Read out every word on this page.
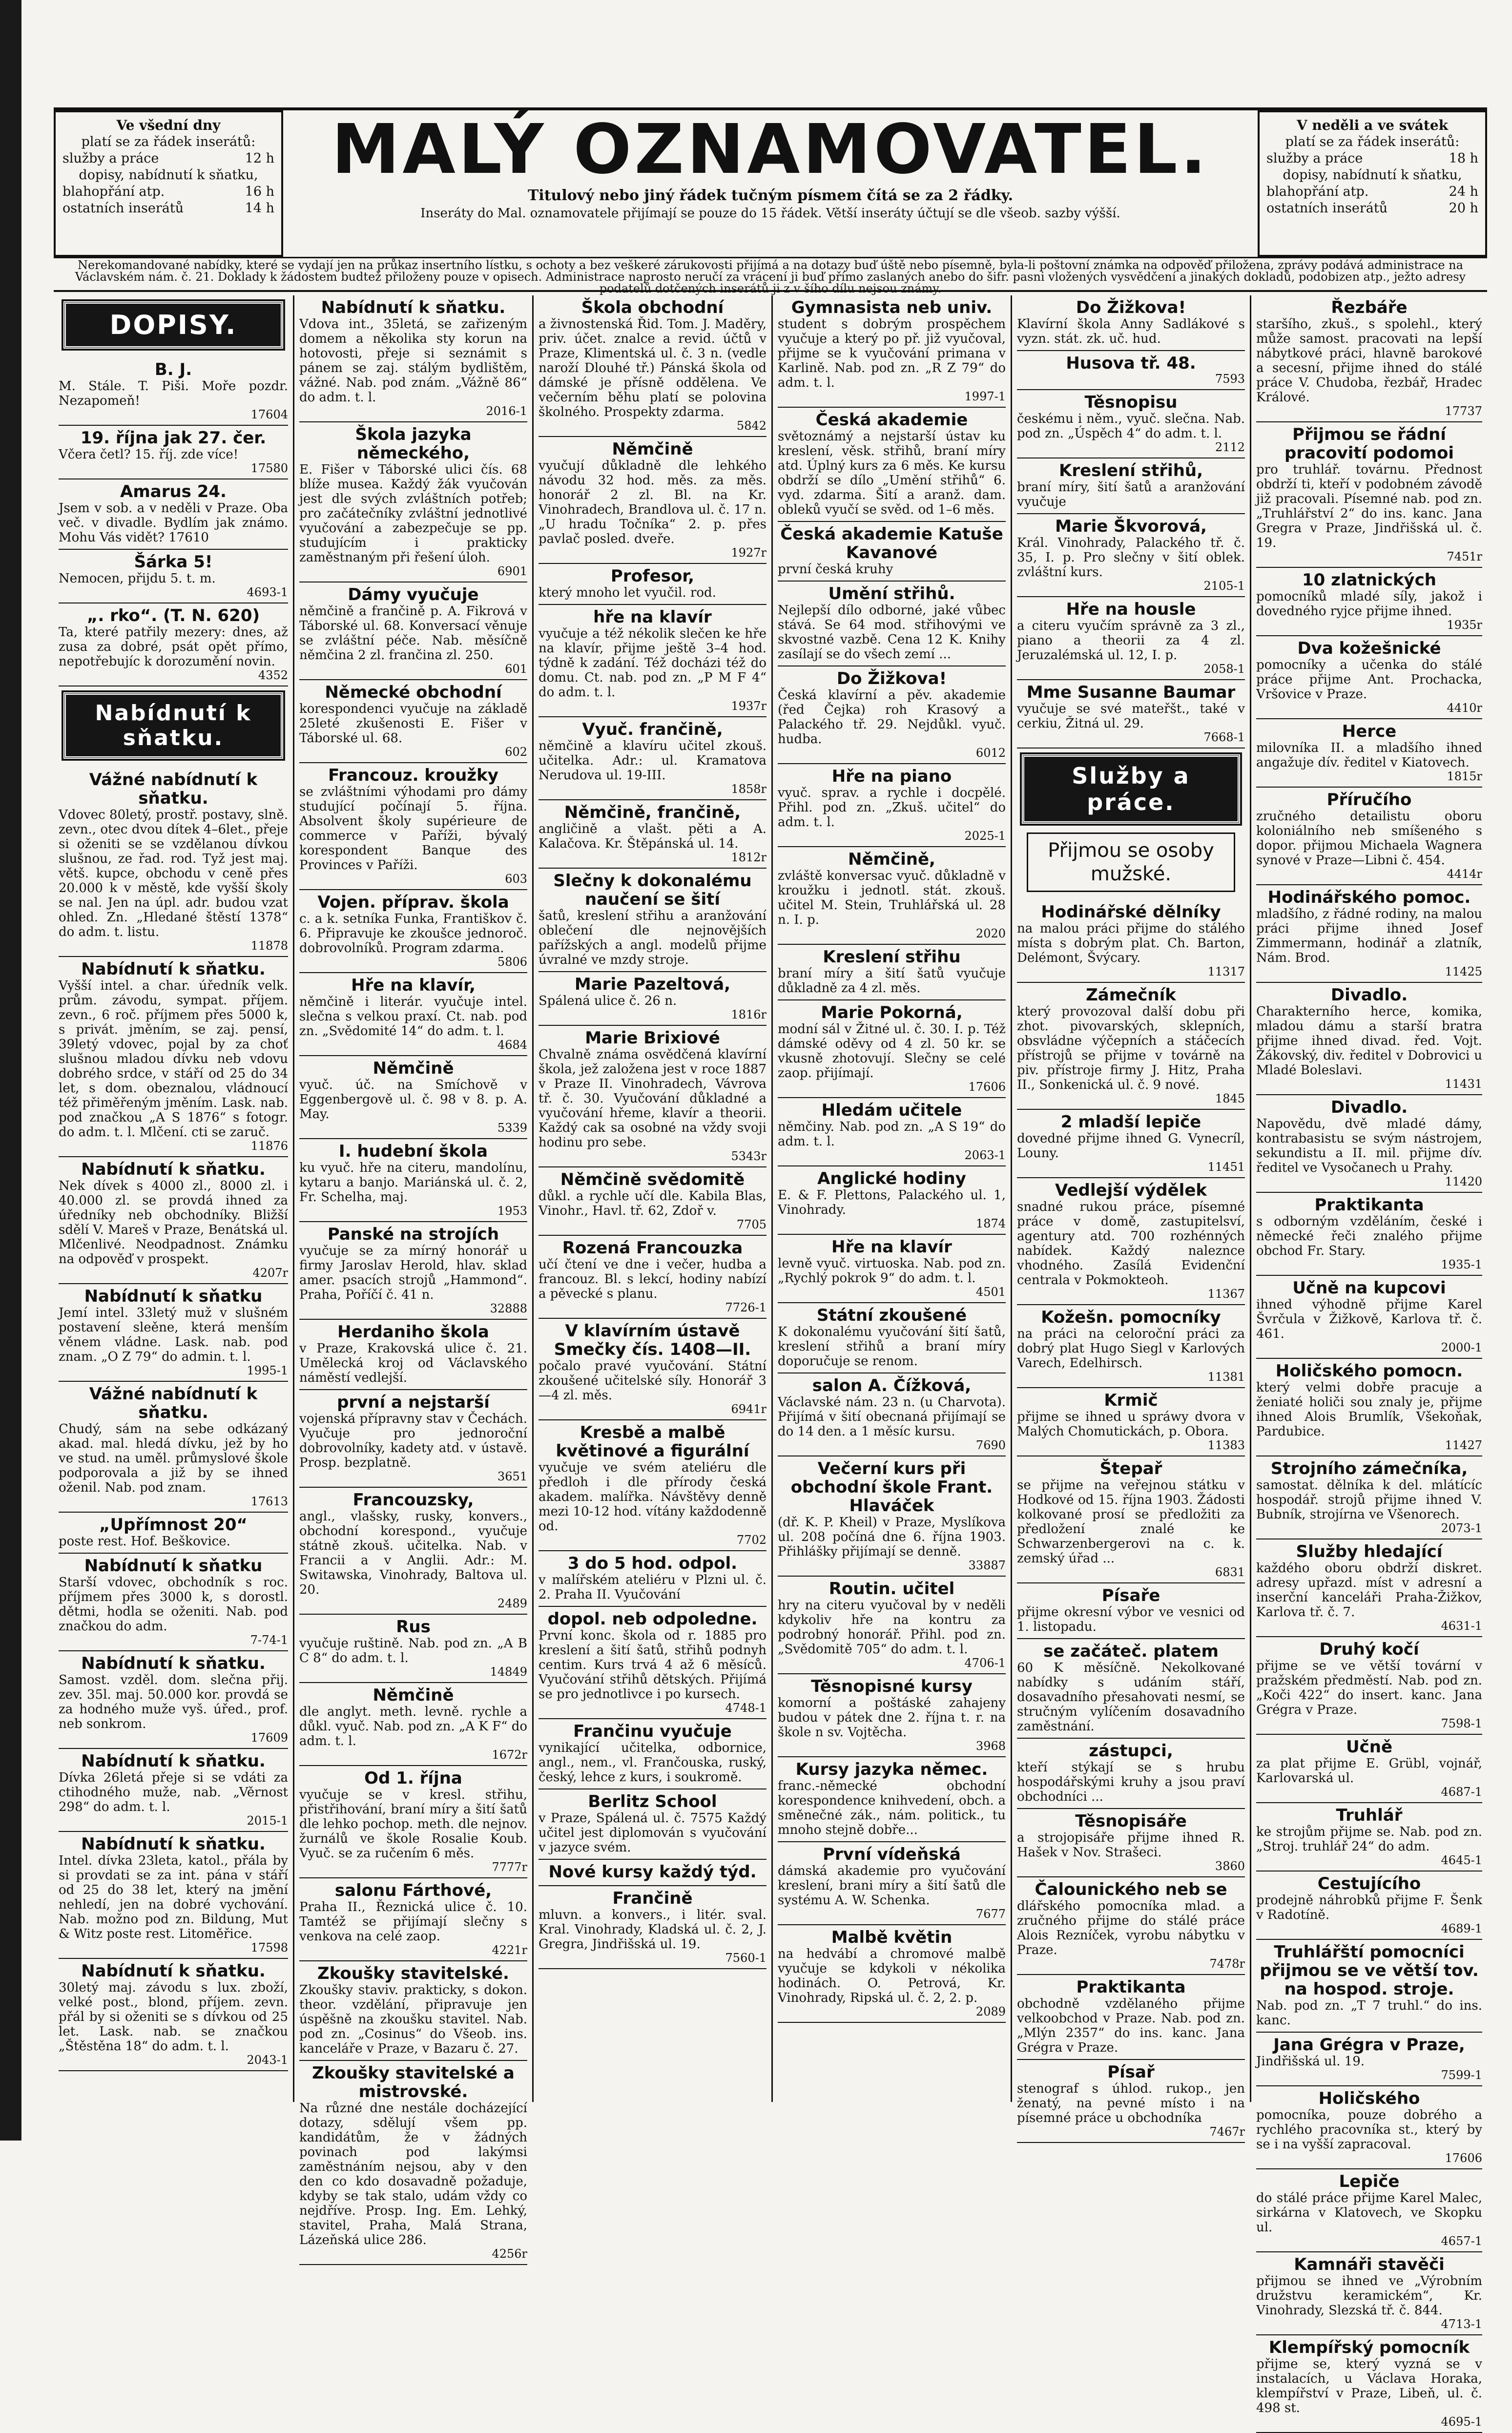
Ve všední dny
platí se za řádek inserátů:
služby a práce	12 h
dopisy, nabídnutí k sňatku,
blahopřání atp.	16 h
ostatních inserátů	14 h
MALÝ OZNAMOVATEL.
Titulový nebo jiný řádek tučným písmem čítá se za 2 řádky.
Inseráty do Mal. oznamovatele přijímají se pouze do 15 řádek. Větší inseráty účtují se dle všeob. sazby výšší.
V neděli a ve svátek
platí se za řádek inserátů:
služby a práce	18 h
dopisy, nabídnutí k sňatku,
blahopřání atp.	24 h
ostatních inserátů	20 h
Nerekomandované nabídky, které se vydají jen na průkaz insertního lístku, s ochoty a bez veškeré zárukovosti přijímá a na dotazy buď úště nebo písemně, byla-li poštovní známka na odpověď přiložena, zprávy podává administrace na Václavském nám. č. 21. Doklady k žádostem budtež přiloženy pouze v opisech. Administrace naprosto neručí za vrácení ji buď přímo zaslaných anebo do šifr. pasni vložených vysvědčení a jinakých dokladů, podobizen atp., ježto adresy podatelů dotčených inserátů ji z v šího dílu nejsou známy.
DOPISY.
B. J.
M. Stále. T. Piši. Moře pozdr. Nezapomeň!
17604
19. října jak 27. čer.
Včera četl? 15. říj. zde více!
17580
Amarus 24.
Jsem v sob. a v neděli v Praze. Oba več. v divadle. Bydlím jak známo. Mohu Vás vidět? 17610
Šárka 5!
Nemocen, přijdu 5. t. m.
4693-1
„. rko“. (T. N. 620)
Ta, které patřily mezery: dnes, až zusa za dobré, psát opět přímo, nepotřebujíc k dorozumění novin.
4352
Nabídnutí k sňatku.
Vážné nabídnutí k sňatku.
Vdovec 80letý, prostř. postavy, slně. zevn., otec dvou dítek 4–6let., přeje si oženiti se se vzdělanou dívkou slušnou, ze řad. rod. Tyž jest maj. větš. kupce, obchodu v ceně přes 20.000 k v městě, kde vyšší školy se nal. Jen na úpl. adr. budou vzat ohled. Zn. „Hledané štěstí 1378“ do adm. t. listu.
11878
Nabídnutí k sňatku.
Vyšší intel. a char. úředník velk. prům. závodu, sympat. příjem. zevn., 6 roč. příjmem přes 5000 k, s privát. jměním, se zaj. pensí, 39letý vdovec, pojal by za choť slušnou mladou dívku neb vdovu dobrého srdce, v stáří od 25 do 34 let, s dom. obeznalou, vládnoucí též přiměřeným jměním. Lask. nab. pod značkou „A S 1876“ s fotogr. do adm. t. l. Mlčení. cti se zaruč.
11876
Nabídnutí k sňatku.
Nek dívek s 4000 zl., 8000 zl. i 40.000 zl. se provdá ihned za úředníky neb obchodníky. Bližší sdělí V. Mareš v Praze, Benátská ul. Mlčenlivé. Neodpadnost. Známku na odpověď v prospekt.
4207r
Nabídnutí k sňatku
Jemí intel. 33letý muž v slušném postavení sleěne, která menším věnem vládne. Lask. nab. pod znam. „O Z 79“ do admin. t. l.
1995-1
Vážné nabídnutí k sňatku.
Chudý, sám na sebe odkázaný akad. mal. hledá dívku, jež by ho ve stud. na uměl. průmyslové škole podporovala a již by se ihned oženil. Nab. pod znam.
17613
„Upřímnost 20“
poste rest. Hof. Beškovice.
Nabídnutí k sňatku
Starší vdovec, obchodník s roc. příjmem přes 3000 k, s dorostl. dětmi, hodla se oženiti. Nab. pod značkou do adm.
7-74-1
Nabídnutí k sňatku.
Samost. vzděl. dom. slečna přij. zev. 35l. maj. 50.000 kor. provdá se za hodného muže vyš. úřed., prof. neb sonkrom.
17609
Nabídnutí k sňatku.
Dívka 26letá přeje si se vdáti za ctihodného muže, nab. „Věrnost 298“ do adm. t. l.
2015-1
Nabídnutí k sňatku.
Intel. dívka 23leta, katol., přála by si provdati se za int. pána v stáří od 25 do 38 let, který na jmění nehledí, jen na dobré vychování. Nab. možno pod zn. Bildung, Mut & Witz poste rest. Litoměřice.
17598
Nabídnutí k sňatku.
30letý maj. závodu s lux. zboží, velké post., blond, příjem. zevn. přál by si oženiti se s dívkou od 25 let. Lask. nab. se značkou „Štěstěna 18“ do adm. t. l.
2043-1
Nabídnutí k sňatku.
Vdova int., 35letá, se zařizeným domem a několika sty korun na hotovosti, přeje si seznámit s pánem se zaj. stálým bydlištěm, vážné. Nab. pod znám. „Vážně 86“ do adm. t. l.
2016-1
Škola jazyka německého,
E. Fišer v Táborské ulici čís. 68 blíže musea. Každý žák vyučován jest dle svých zvláštních potřeb; pro začátečníky zvláštní jednotlivé vyučování a zabezpečuje se pp. studujícím i prakticky zaměstnaným při řešení úloh.
6901
Dámy vyučuje
němčině a frančině p. A. Fikrová v Táborské ul. 68. Konversací věnuje se zvláštní péče. Nab. měsíčně němčina 2 zl. frančina zl. 250.
601
Německé obchodní
korespondenci vyučuje na základě 25leté zkušenosti E. Fišer v Táborské ul. 68.
602
Francouz. kroužky
se zvláštními výhodami pro dámy studující počínají 5. října. Absolvent školy supérieure de commerce v Paříži, bývalý korespondent Banque des Provinces v Paříži.
603
Vojen. příprav. škola
c. a k. setníka Funka, Františkov č. 6. Připravuje ke zkoušce jednoroč. dobrovolníků. Program zdarma.
5806
Hře na klavír,
němčině i literár. vyučuje intel. slečna s velkou praxí. Ct. nab. pod zn. „Svědomité 14“ do adm. t. l.
4684
Němčině
vyuč. úč. na Smíchově v Eggenbergově ul. č. 98 v 8. p. A. May.
5339
I. hudební škola
ku vyuč. hře na citeru, mandolínu, kytaru a banjo. Mariánská ul. č. 2, Fr. Schelha, maj.
1953
Panské na strojích
vyučuje se za mírný honorář u firmy Jaroslav Herold, hlav. sklad amer. psacích strojů „Hammond“. Praha, Poříčí č. 41 n.
32888
Herdaniho škola
v Praze, Krakovská ulice č. 21. Umělecká kroj od Václavského náměstí vedlejší.
první a nejstarší
vojenská přípravny stav v Čechách. Vyučuje pro jednoroční dobrovolníky, kadety atd. v ústavě. Prosp. bezplatně.
3651
Francouzsky,
angl., vlašsky, rusky, konvers., obchodní korespond., vyučuje státně zkouš. učitelka. Nab. v Francii a v Anglii. Adr.: M. Switawska, Vinohrady, Baltova ul. 20.
2489
Rus
vyučuje ruštině. Nab. pod zn. „A B C 8“ do adm. t. l.
14849
Němčině
dle anglyt. meth. levně. rychle a důkl. vyuč. Nab. pod zn. „A K F“ do adm. t. l.
1672r
Od 1. října
vyučuje se v kresl. střihu, přistřihování, braní míry a šití šatů dle lehko pochop. meth. dle nejnov. žurnálů ve škole Rosalie Koub. Vyuč. se za ručením 6 měs.
7777r
salonu Fárthové,
Praha II., Řeznická ulice č. 10. Tamtéž se přijímají slečny s venkova na celé zaop.
4221r
Zkoušky stavitelské.
Zkoušky staviv. prakticky, s dokon. theor. vzdělání, připravuje jen úspěšně na zkoušku stavitel. Nab. pod zn. „Cosinus“ do Všeob. ins. kanceláře v Praze, v Bazaru č. 27.
Zkoušky stavitelské a mistrovské.
Na různé dne nestále docházející dotazy, sdělují všem pp. kandidátům, že v žádných povinach pod lakýmsi zaměstnáním nejsou, aby v den den co kdo dosavadně požaduje, kdyby se tak stalo, udám vždy co nejdříve. Prosp. Ing. Em. Lehký, stavitel, Praha, Malá Strana, Lázeňská ulice 286.
4256r
Škola obchodní
a živnostenská Řid. Tom. J. Maděry, priv. účet. znalce a revid. účtů v Praze, Klimentská ul. č. 3 n. (vedle naroží Dlouhé tř.) Pánská škola od dámské je přísně oddělena. Ve večerním běhu platí se polovina školného. Prospekty zdarma.
5842
Němčině
vyučují důkladně dle lehkého návodu 32 hod. měs. za měs. honorář 2 zl. Bl. na Kr. Vinohradech, Brandlova ul. č. 17 n. „U hradu Točníka“ 2. p. přes pavlač posled. dveře.
1927r
Profesor,
který mnoho let vyučil. rod.
hře na klavír
vyučuje a též nékolik slečen ke hře na klavír, přijme ještě 3–4 hod. týdně k zadání. Též docházi též do domu. Ct. nab. pod zn. „P M F 4“ do adm. t. l.
1937r
Vyuč. frančině,
němčině a klavíru učitel zkouš. učitelka. Adr.: ul. Kramatova Nerudova ul. 19-III.
1858r
Němčině, frančině,
angličině a vlašt. pěti a A. Kalačova. Kr. Štěpánská ul. 14.
1812r
Slečny k dokonalému naučení se šití
šatů, kreslení střihu a aranžování oblečení dle nejnovějších pařížských a angl. modelů přijme úvralné ve mzdy stroje.
Marie Pazeltová,
Spálená ulice č. 26 n.
1816r
Marie Brixiové
Chvalně známa osvědčená klavírní škola, jež založena jest v roce 1887 v Praze II. Vinohradech, Vávrova tř. č. 30. Vyučování důkladné a vyučování hřeme, klavír a theorii. Každý cak sa osobné na vždy svoji hodinu pro sebe.
5343r
Němčině svědomitě
důkl. a rychle učí dle. Kabila Blas, Vinohr., Havl. tř. 62, Zdoř v.
7705
Rozená Francouzka
učí čtení ve dne i večer, hudba a francouz. Bl. s lekcí, hodiny nabízí a pěvecké s planu.
7726-1
V klavírním ústavě Smečky čís. 1408—II.
počalo pravé vyučování. Státní zkoušené učitelské síly. Honorář 3—4 zl. měs.
6941r
Kresbě a malbě květinové a figurální
vyučuje ve svém ateliéru dle předloh i dle přírody česká akadem. malířka. Návštěvy denně mezi 10-12 hod. vítány každodenně od.
7702
3 do 5 hod. odpol.
v malířském ateliéru v Plzni ul. č. 2. Praha II. Vyučování
dopol. neb odpoledne.
První konc. škola od r. 1885 pro kreslení a šití šatů, střihů podnyh centim. Kurs trvá 4 až 6 měsíců. Vyučování střihů dětských. Přijímá se pro jednotlivce i po kursech.
4748-1
Frančinu vyučuje
vynikající učitelka, odbornice, angl., nem., vl. Frančouska, ruský, český, lehce z kurs, i soukromě.
Berlitz School
v Praze, Spálená ul. č. 7575 Každý učitel jest diplomován s vyučování v jazyce svém.
Nové kursy každý týd.
Frančině
mluvn. a konvers., i litér. sval. Kral. Vinohrady, Kladská ul. č. 2, J. Gregra, Jindřišská ul. 19.
7560-1
Gymnasista neb univ.
student s dobrým prospěchem vyučuje a který po př. již vyučoval, přijme se k vyučování primana v Karlině. Nab. pod zn. „R Z 79“ do adm. t. l.
1997-1
Česká akademie
světoznámý a nejstarší ústav ku kreslení, věsk. střihů, braní míry atd. Úplný kurs za 6 měs. Ke kursu obdrží se dílo „Umění střihů“ 6. vyd. zdarma. Šití a aranž. dam. obleků vyučí se svěd. od 1–6 měs.
Česká akademie Katuše Kavanové
první česká kruhy
Umění střihů.
Nejlepší dílo odborné, jaké vůbec stává. Se 64 mod. střihovými ve skvostné vazbě. Cena 12 K. Knihy zasílají se do všech zemí ...
Do Žižkova!
Česká klavírní a pěv. akademie (řed Čejka) roh Krasový a Palackého tř. 29. Nejdůkl. vyuč. hudba.
6012
Hře na piano
vyuč. sprav. a rychle i docpělé. Přihl. pod zn. „Zkuš. učitel“ do adm. t. l.
2025-1
Němčině,
zvláště konversac vyuč. důkladně v kroužku i jednotl. stát. zkouš. učitel M. Stein, Truhlářská ul. 28 n. I. p.
2020
Kreslení střihu
braní míry a šití šatů vyučuje důkladně za 4 zl. měs.
Marie Pokorná,
modní sál v Žitné ul. č. 30. I. p. Též dámské oděvy od 4 zl. 50 kr. se vkusně zhotovují. Slečny se celé zaop. přijímají.
17606
Hledám učitele
němčiny. Nab. pod zn. „A S 19“ do adm. t. l.
2063-1
Anglické hodiny
E. & F. Plettons, Palackého ul. 1, Vinohrady.
1874
Hře na klavír
levně vyuč. virtuoska. Nab. pod zn. „Rychlý pokrok 9“ do adm. t. l.
4501
Státní zkoušené
K dokonalému vyučování šití šatů, kreslení střihů a braní míry doporučuje se renom.
salon A. Čížková,
Václavské nám. 23 n. (u Charvota). Přijímá v šití obecnaná přijímají se do 14 den. a 1 měsíc kursu.
7690
Večerní kurs při obchodní škole Frant. Hlaváček
(dř. K. P. Kheil) v Praze, Myslíkova ul. 208 počíná dne 6. října 1903. Přihlášky přijímají se denně.
33887
Routin. učitel
hry na citeru vyučoval by v neděli kdykoliv hře na kontru za podrobný honorář. Přihl. pod zn. „Svědomitě 705“ do adm. t. l.
4706-1
Těsnopisné kursy
komorní a poštáské zahajeny budou v pátek dne 2. října t. r. na škole n sv. Vojtěcha.
3968
Kursy jazyka němec.
franc.-německé obchodní korespondence knihvedení, obch. a směnečné zák., nám. politick., tu mnoho stejně dobře...
První vídeňská
dámská akademie pro vyučování kreslení, brani míry a šití šatů dle systému A. W. Schenka.
7677
Malbě květin
na hedvábí a chromové malbě vyučuje se kdykoli v nékolika hodinách. O. Petrová, Kr. Vinohrady, Ripská ul. č. 2, 2. p.
2089
Do Žižkova!
Klavírní škola Anny Sadlákové s vyzn. stát. zk. uč. hud.
Husova tř. 48.
7593
Těsnopisu
českému i něm., vyuč. slečna. Nab. pod zn. „Úspěch 4“ do adm. t. l.
2112
Kreslení střihů,
braní míry, šití šatů a aranžování vyučuje
Marie Škvorová,
Král. Vinohrady, Palackého tř. č. 35, I. p. Pro slečny v šití oblek. zvláštní kurs.
2105-1
Hře na housle
a citeru vyučím správně za 3 zl., piano a theorii za 4 zl. Jeruzalémská ul. 12, I. p.
2058-1
Mme Susanne Baumar
vyučuje se své mateřšt., také v cerkiu, Žitná ul. 29.
7668-1
Služby a práce.
Přijmou se osoby mužské.
Hodinářské dělníky
na malou práci přijme do stálého místa s dobrým plat. Ch. Barton, Delémont, Švýcary.
11317
Zámečník
který provozoval další dobu při zhot. pivovarských, sklepních, obsvládne výčepních a stáčecích přístrojů se přijme v továrně na piv. přístroje firmy J. Hitz, Praha II., Sonkenická ul. č. 9 nové.
1845
2 mladší lepiče
dovedné přijme ihned G. Vynecríl, Louny.
11451
Vedlejší výdělek
snadné rukou práce, písemné práce v domě, zastupitelsví, agentury atd. 700 rozhénných nabídek. Každý naleznce vhodného. Zasílá Evidenční centrala v Pokmokteoh.
11367
Kožešn. pomocníky
na práci na celoroční práci za dobrý plat Hugo Siegl v Karlových Varech, Edelhirsch.
11381
Krmič
přijme se ihned u spráwy dvora v Malých Chomutickách, p. Obora.
11383
Štepař
se přijme na veřejnou státku v Hodkové od 15. října 1903. Žádosti kolkované prosí se předložiti za předložení znalé ke Schwarzenbergerovi na c. k. zemský úřad ...
6831
Písaře
přijme okresní výbor ve vesnici od 1. listopadu.
se začáteč. platem
60 K měsíčně. Nekolkované nabídky s udáním stáří, dosavadního přesahovati nesmí, se stručným vylíčením dosavadního zaměstnání.
zástupci,
kteří stýkají se s hrubu hospodářskými kruhy a jsou praví obchodníci ...
Těsnopisáře
a strojopisáře přijme ihned R. Hašek v Nov. Strašeci.
3860
Čalounického neb se
dlářského pomocníka mlad. a zručného přijme do stálé práce Alois Rezníček, vyrobu nábytku v Praze.
7478r
Praktikanta
obchodně vzdělaného přijme velkoobchod v Praze. Nab. pod zn. „Mlýn 2357“ do ins. kanc. Jana Grégra v Praze.
Písař
stenograf s úhlod. rukop., jen ženatý, na pevné místo i na písemné práce u obchodníka
7467r
Řezbáře
staršího, zkuš., s spolehl., který může samost. pracovati na lepší nábytkové práci, hlavně barokové a secesní, přijme ihned do stálé práce V. Chudoba, řezbář, Hradec Králové.
17737
Přijmou se řádní pracovití podomoi
pro truhlář. továrnu. Přednost obdrží ti, kteří v podobném závodě již pracovali. Písemné nab. pod zn. „Truhlářství 2“ do ins. kanc. Jana Gregra v Praze, Jindřišská ul. č. 19.
7451r
10 zlatnických
pomocníků mladé síly, jakož i dovedného ryjce přijme ihned.
1935r
Dva kožešnické
pomocníky a učenka do stálé práce přijme Ant. Prochacka, Vršovice v Praze.
4410r
Herce
milovníka II. a mladšího ihned angažuje dív. ředitel v Kiatovech.
1815r
Příručího
zručného detailistu oboru koloniálního neb smíšeného s dopor. přijmou Michaela Wagnera synové v Praze—Libni č. 454.
4414r
Hodinářského pomoc.
mladšího, z řádné rodiny, na malou práci přijme ihned Josef Zimmermann, hodinář a zlatník, Nám. Brod.
11425
Divadlo.
Charakterního herce, komika, mladou dámu a starší bratra přijme ihned divad. řed. Vojt. Žákovský, div. ředitel v Dobrovici u Mladé Boleslavi.
11431
Divadlo.
Napovědu, dvě mladé dámy, kontrabasistu se svým nástrojem, sekundistu a II. mil. přijme dív. ředitel ve Vysočanech u Prahy.
11420
Praktikanta
s odborným vzděláním, české i německé řeči znalého přijme obchod Fr. Stary.
1935-1
Učně na kupcovi
ihned výhodně přijme Karel Švrčula v Žižkově, Karlova tř. č. 461.
2000-1
Holičského pomocn.
který velmi dobře pracuje a ženiaté holiči sou znaly je, přijme ihned Alois Brumlík, Všekoňak, Pardubice.
11427
Strojního zámečníka,
samostat. dělníka k del. mlátícíc hospodář. strojů přijme ihned V. Bubník, strojírna ve Všenorech.
2073-1
Služby hledající
každého oboru obdrží diskret. adresy upřazd. míst v adresní a inserční kanceláři Praha-Žižkov, Karlova tř. č. 7.
4631-1
Druhý kočí
přijme se ve větší tovární v pražském předměstí. Nab. pod zn. „Koči 422“ do insert. kanc. Jana Grégra v Praze.
7598-1
Učně
za plat přijme E. Grübl, vojnář, Karlovarská ul.
4687-1
Truhlář
ke strojům přijme se. Nab. pod zn. „Stroj. truhlář 24“ do adm.
4645-1
Cestujícího
prodejně náhrobků přijme F. Šenk v Radotíně.
4689-1
Truhlářští pomocníci přijmou se ve větší tov. na hospod. stroje.
Nab. pod zn. „T 7 truhl.“ do ins. kanc.
Jana Grégra v Praze,
Jindřišská ul. 19.
7599-1
Holičského
pomocníka, pouze dobrého a rychlého pracovníka st., který by se i na vyšší zapracoval.
17606
Lepiče
do stálé práce přijme Karel Malec, sirkárna v Klatovech, ve Skopku ul.
4657-1
Kamnáři stavěči
přijmou se ihned ve „Výrobním družstvu keramickém“, Kr. Vinohrady, Slezská tř. č. 844.
4713-1
Klempířský pomocník
přijme se, který vyzná se v instalacích, u Václava Horaka, klempířství v Praze, Libeň, ul. č. 498 st.
4695-1
